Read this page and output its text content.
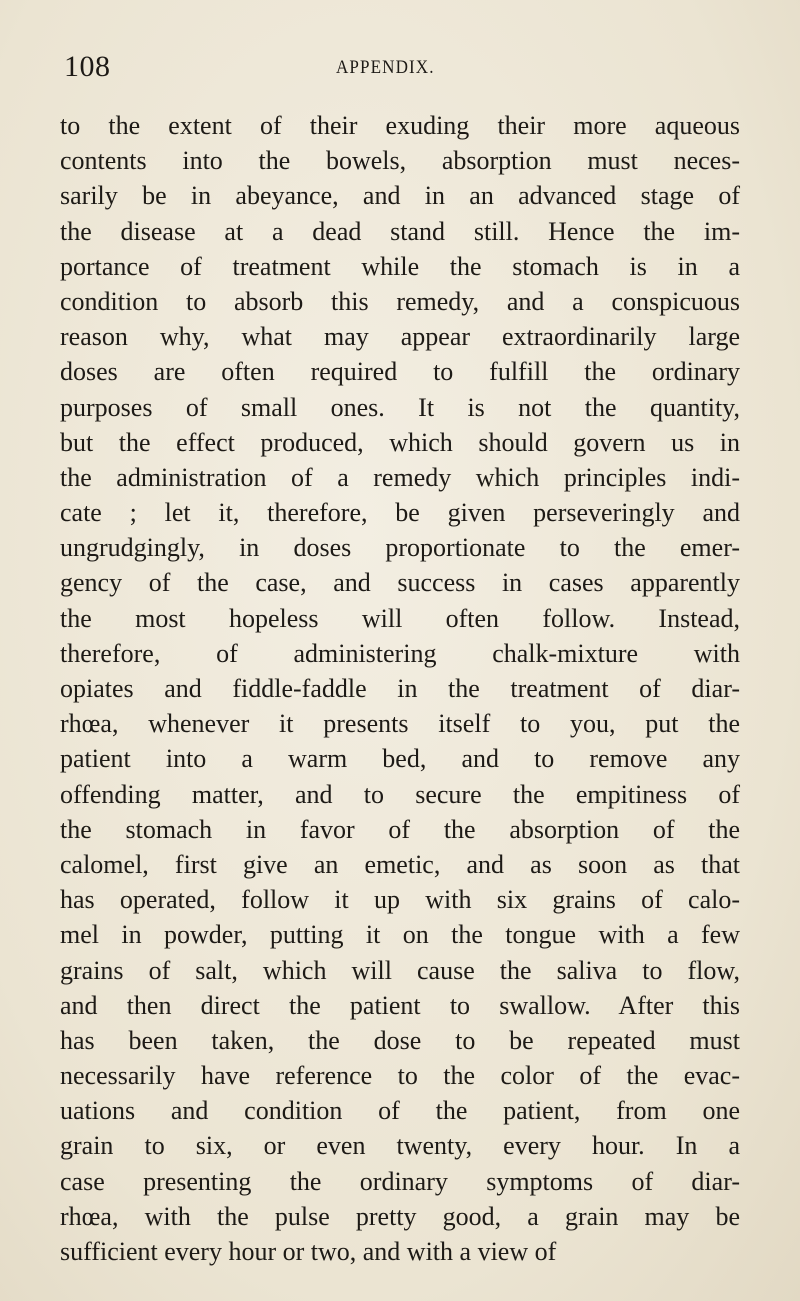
108	APPENDIX.
to the extent of their exuding their more aqueous
contents into the bowels, absorption must neces-
sarily be in abeyance, and in an advanced stage of
the disease at a dead stand still. Hence the im-
portance of treatment while the stomach is in a
condition to absorb this remedy, and a conspicuous
reason why, what may appear extraordinarily large
doses are often required to fulfill the ordinary
purposes of small ones. It is not the quantity,
but the effect produced, which should govern us in
the administration of a remedy which principles indi-
cate ; let it, therefore, be given perseveringly and
ungrudgingly, in doses proportionate to the emer-
gency of the case, and success in cases apparently
the most hopeless will often follow. Instead,
therefore, of administering chalk-mixture with
opiates and fiddle-faddle in the treatment of diar-
rhœa, whenever it presents itself to you, put the
patient into a warm bed, and to remove any
offending matter, and to secure the empitiness of
the stomach in favor of the absorption of the
calomel, first give an emetic, and as soon as that
has operated, follow it up with six grains of calo-
mel in powder, putting it on the tongue with a few
grains of salt, which will cause the saliva to flow,
and then direct the patient to swallow. After this
has been taken, the dose to be repeated must
necessarily have reference to the color of the evac-
uations and condition of the patient, from one
grain to six, or even twenty, every hour. In a
case presenting the ordinary symptoms of diar-
rhœa, with the pulse pretty good, a grain may be
sufficient every hour or two, and with a view of
